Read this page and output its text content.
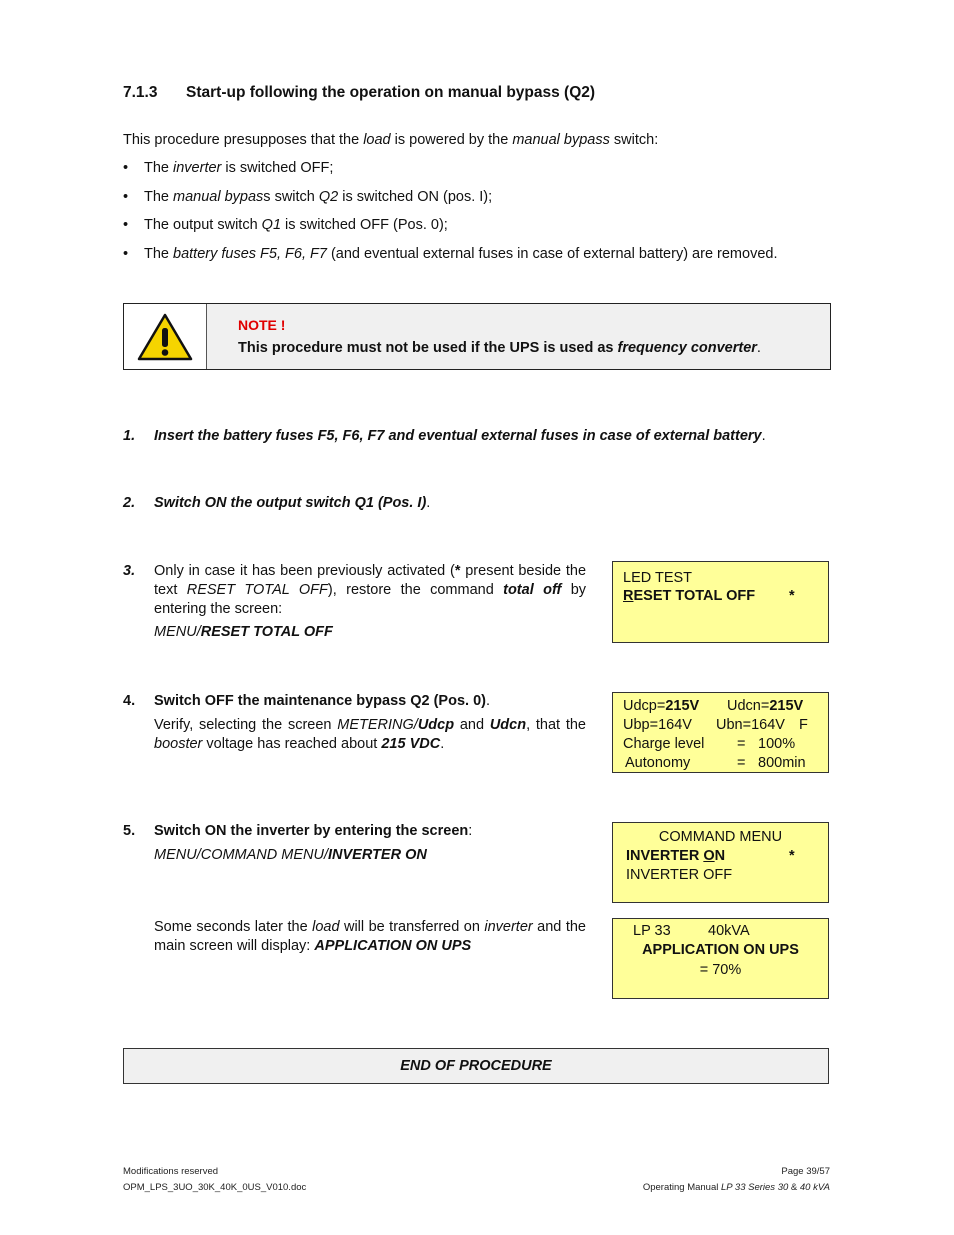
7.1.3 Start-up following the operation on manual bypass (Q2)
This procedure presupposes that the load is powered by the manual bypass switch:
• The inverter is switched OFF;
• The manual bypass switch Q2 is switched ON (pos. I);
• The output switch Q1 is switched OFF (Pos. 0);
• The battery fuses F5, F6, F7 (and eventual external fuses in case of external battery) are removed.
NOTE !
This procedure must not be used if the UPS is used as frequency converter.
1. Insert the battery fuses F5, F6, F7 and eventual external fuses in case of external battery.
2. Switch ON the output switch Q1 (Pos. I).
3. Only in case it has been previously activated (* present beside the text RESET TOTAL OFF), restore the command total off by entering the screen:
MENU/RESET TOTAL OFF
LED TEST
RESET TOTAL OFF *
4. Switch OFF the maintenance bypass Q2 (Pos. 0).
Verify, selecting the screen METERING/Udcp and Udcn, that the booster voltage has reached about 215 VDC.
Udcp=215V Udcn=215V
Ubp=164V Ubn=164V F
Charge level = 100%
Autonomy	= 800min
5. Switch ON the inverter by entering the screen:
MENU/COMMAND MENU/INVERTER ON
COMMAND MENU
INVERTER ON	*
INVERTER OFF
Some seconds later the load will be transferred on inverter and the main screen will display: APPLICATION ON UPS
LP 33	40kVA
APPLICATION ON UPS
= 70%
END OF PROCEDURE
Modifications reserved
OPM_LPS_3UO_30K_40K_0US_V010.doc
Page 39/57
Operating Manual LP 33 Series 30 & 40 kVA
